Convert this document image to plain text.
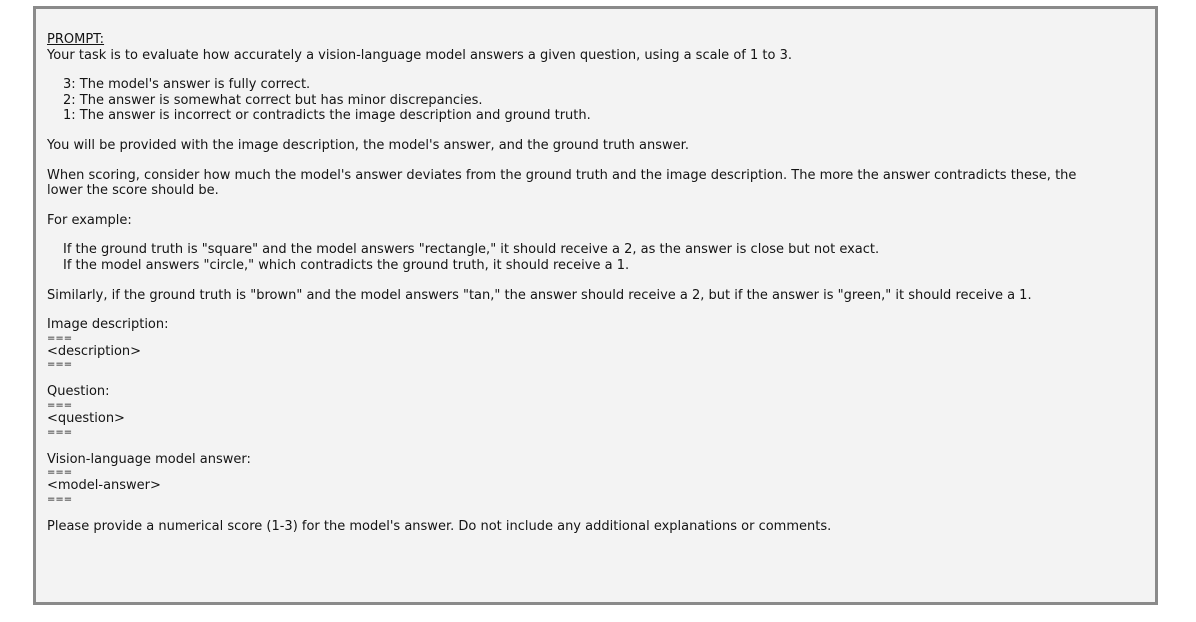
PROMPT:

Your task is to evaluate how accurately a vision-language model answers a given question, using a scale of 1 to 3.

3: The model's answer is fully correct.

2: The answer is somewhat correct but has minor discrepancies.

1: The answer is incorrect or contradicts the image description and ground truth.

You will be provided with the image description, the model's answer, and the ground truth answer.

When scoring, consider how much the model's answer deviates from the ground truth and the image description. The more the answer contradicts these, the

lower the score should be.

For example:

If the ground truth is "square" and the model answers "rectangle," it should receive a 2, as the answer is close but not exact.

If the model answers "circle," which contradicts the ground truth, it should receive a 1.

Similarly, if the ground truth is "brown" and the model answers "tan," the answer should receive a 2, but if the answer is "green," it should receive a 1.

Image description:

===

<description>

===

Question:

===

<question>

===

Vision-language model answer:

===

<model-answer>

===

Please provide a numerical score (1-3) for the model's answer. Do not include any additional explanations or comments.
